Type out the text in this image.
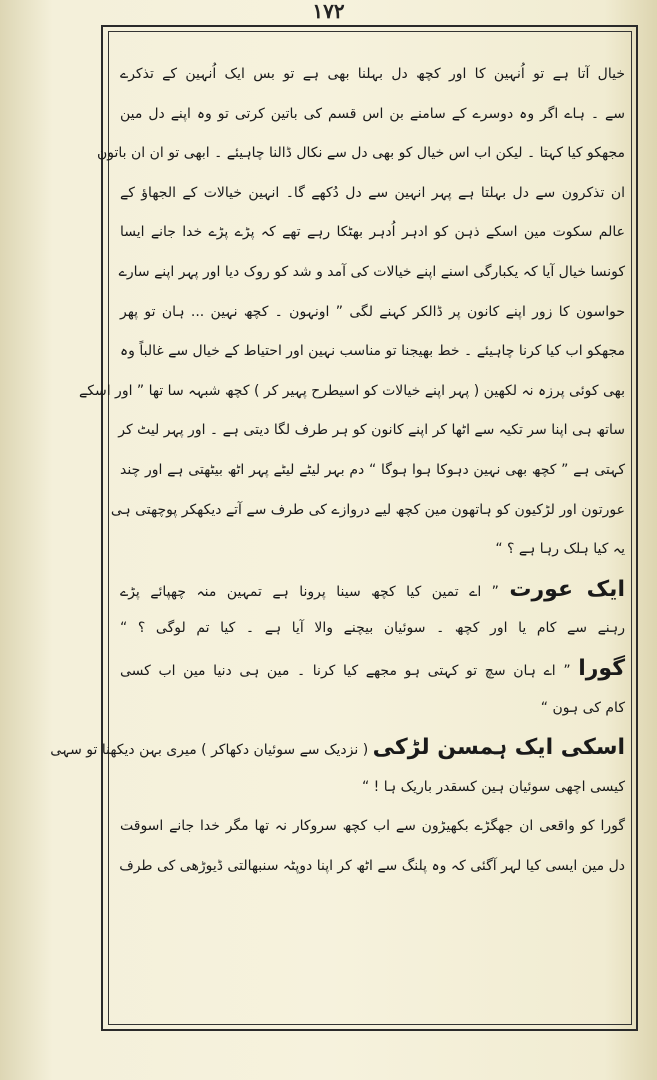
۱۷۲
خیال آتا ہے تو اُنہین کا اور کچھ دل بہلنا بھی ہے تو بس ایک اُنہین کے تذکرے
سے ۔ ہاے اگر وہ دوسرے کے سامنے بن اس قسم کی باتین کرتی تو وہ اپنے دل مین
مجھکو کیا کہتا ۔ لیکن اب اس خیال کو بھی دل سے نکال ڈالنا چاہیئے ۔ ابھی تو ان ان باتون
ان تذکرون سے دل بہلتا ہے پہر انہین سے دل دُکھے گا۔ انہین خیالات کے الجھاؤ کے
عالم سکوت مین اسکے ذہن کو ادہر اُدہر بھٹکا رہے تھے کہ پڑے پڑے خدا جانے ایسا
کونسا خیال آیا کہ یکبارگی اسنے اپنے خیالات کی آمد و شد کو روک دیا اور پہر اپنے سارے
حواسون کا زور اپنے کانون پر ڈالکر کہنے لگی ” اونہون ۔ کچھ نہین ... ہان تو پھر
مجھکو اب کیا کرنا چاہیئے ۔ خط بھیجنا تو مناسب نہین اور احتیاط کے خیال سے غالباً وہ
بھی کوئی پرزہ نہ لکھین ( پہر اپنے خیالات کو اسیطرح پہیر کر ) کچھ شبہہ سا تھا ” اور اسکے
ساتھ ہی اپنا سر تکیہ سے اٹھا کر اپنے کانون کو ہر طرف لگا دیتی ہے ۔ اور پہر لیٹ کر
کہتی ہے ” کچھ بھی نہین دہوکا ہوا ہوگا “ دم بہر لیٹے لیٹے پہر اٹھ بیٹھتی ہے اور چند
عورتون اور لڑکیون کو ہاتھون مین کچھ لیے دروازے کی طرف سے آتے دیکھکر پوچھتی ہی
یہ کیا ہلک رہا ہے ؟ “
ایک عورت ” اے تمین کیا کچھ سینا پرونا ہے تمہین منہ چھپائے پڑے
رہنے سے کام یا اور کچھ ۔ سوئیان بیچنے والا آیا ہے ۔ کیا تم لوگی ؟ “
گورا ” اے ہان سچ تو کہتی ہو مجھے کیا کرنا ۔ مین ہی دنیا مین اب کسی
کام کی ہون “
اسکی ایک ہمسن لڑکی ( نزدیک سے سوئیان دکھاکر ) میری بہن دیکھنا تو سہی
کیسی اچھی سوئیان ہین کسقدر باریک ہا ! “
گورا کو واقعی ان جھگڑے بکھیڑون سے اب کچھ سروکار نہ تھا مگر خدا جانے اسوقت
دل مین ایسی کیا لہر آگئی کہ وہ پلنگ سے اٹھ کر اپنا دوپٹہ سنبھالتی ڈیوڑھی کی طرف
